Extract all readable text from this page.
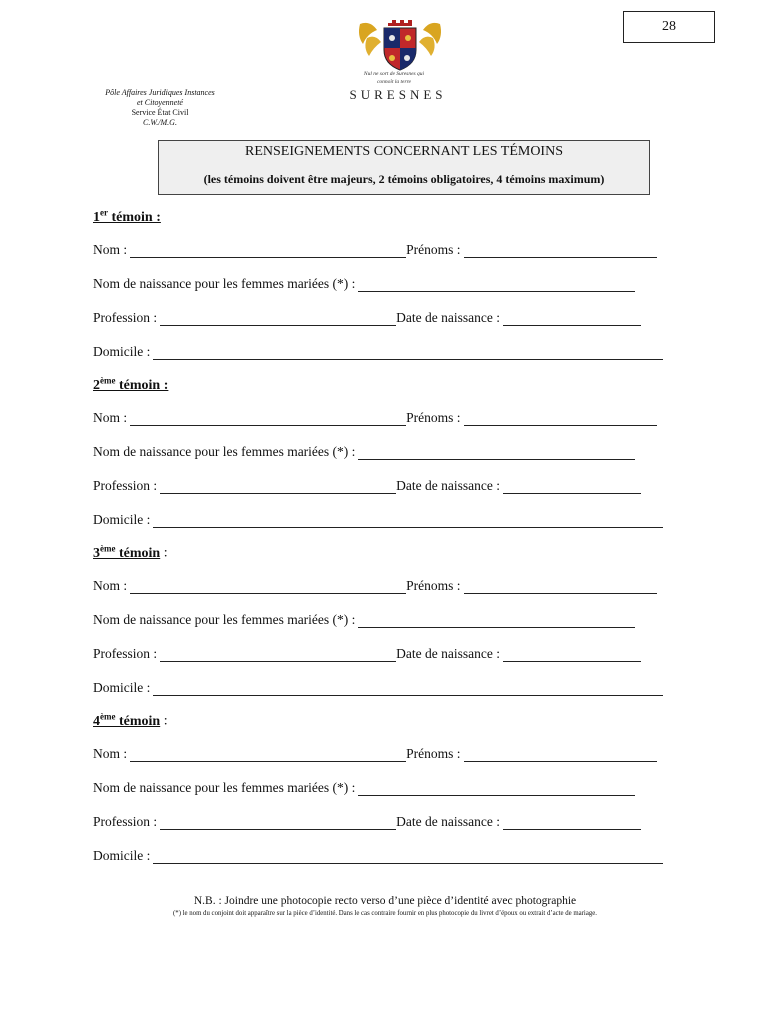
28
Nul ne sort de Suresnes qui
connoît la terre
SURESNES
Pôle Affaires Juridiques Instances
et Citoyenneté
Service État Civil
C.W./M.G.
RENSEIGNEMENTS CONCERNANT LES TÉMOINS
(les témoins doivent être majeurs, 2 témoins obligatoires, 4 témoins maximum)
1er témoin :
Nom :	Prénoms :
Nom de naissance pour les femmes mariées (*) :
Profession :	Date de naissance :
Domicile :
2ème témoin :
Nom :	Prénoms :
Nom de naissance pour les femmes mariées (*) :
Profession :	Date de naissance :
Domicile :
3ème témoin :
Nom :	Prénoms :
Nom de naissance pour les femmes mariées (*) :
Profession :	Date de naissance :
Domicile :
4ème témoin :
Nom :	Prénoms :
Nom de naissance pour les femmes mariées (*) :
Profession :	Date de naissance :
Domicile :
N.B. : Joindre une photocopie recto verso d’une pièce d’identité avec photographie
(*) le nom du conjoint doit apparaître sur la pièce d’identité. Dans le cas contraire fournir en plus photocopie du livret d’époux ou extrait d’acte de mariage.
